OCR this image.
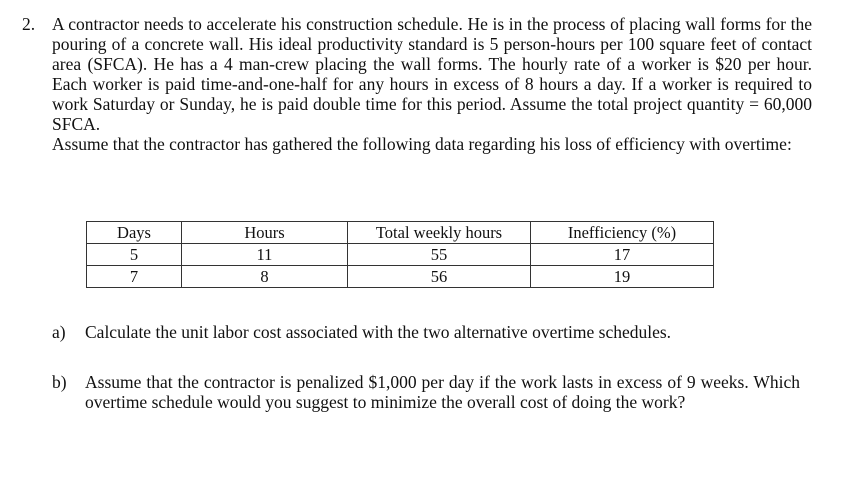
2. A contractor needs to accelerate his construction schedule. He is in the process of placing wall forms for the pouring of a concrete wall. His ideal productivity standard is 5 person-hours per 100 square feet of contact area (SFCA). He has a 4 man-crew placing the wall forms. The hourly rate of a worker is $20 per hour. Each worker is paid time-and-one-half for any hours in excess of 8 hours a day. If a worker is required to work Saturday or Sunday, he is paid double time for this period. Assume the total project quantity = 60,000 SFCA.
Assume that the contractor has gathered the following data regarding his loss of efficiency with overtime:
Days	Hours	Total weekly hours	Inefficiency (%)
5	11	55	17
7	8	56	19
a) Calculate the unit labor cost associated with the two alternative overtime schedules.
b) Assume that the contractor is penalized $1,000 per day if the work lasts in excess of 9 weeks. Which overtime schedule would you suggest to minimize the overall cost of doing the work?
